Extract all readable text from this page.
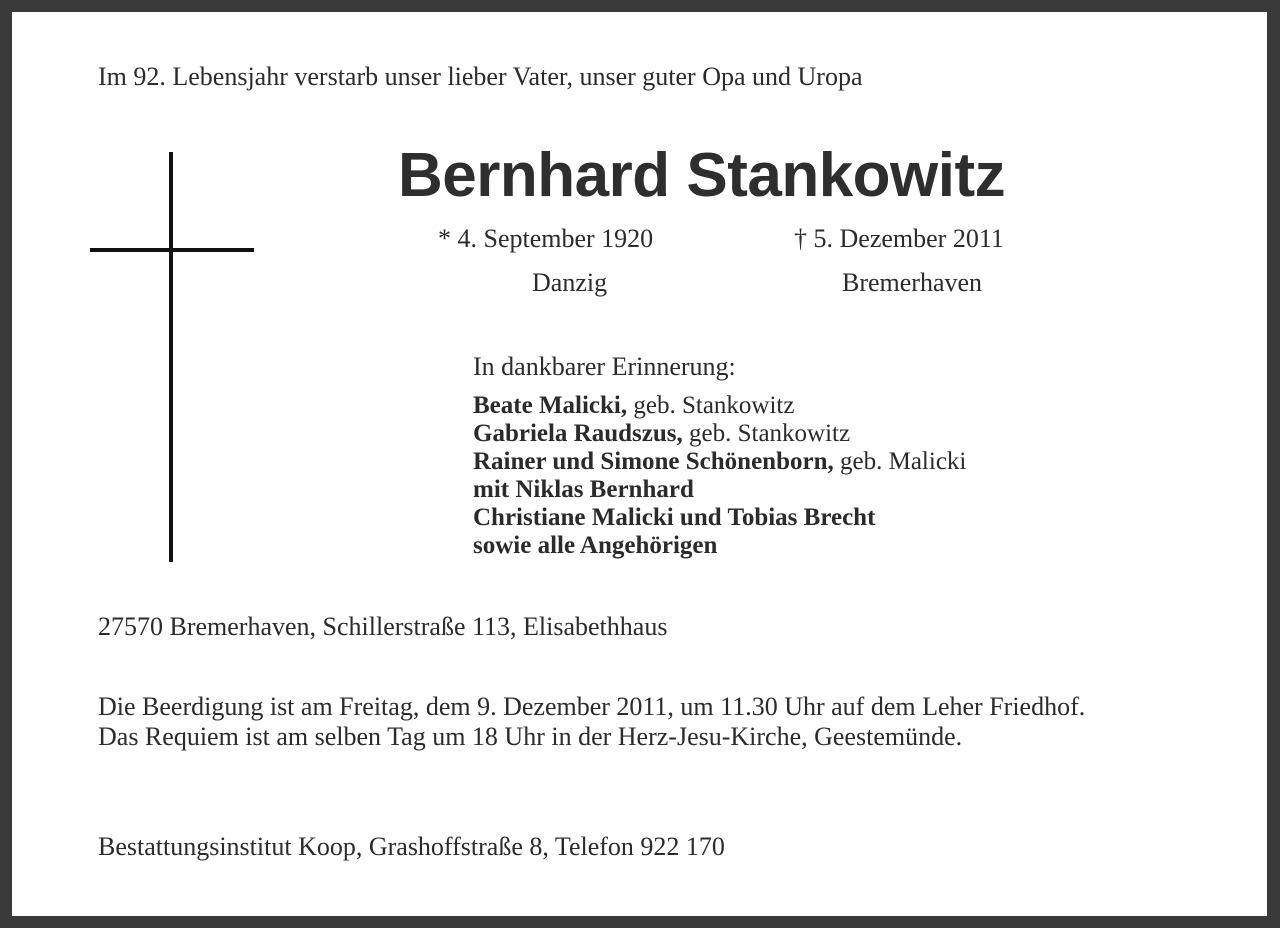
Im 92. Lebensjahr verstarb unser lieber Vater, unser guter Opa und Uropa
Bernhard Stankowitz
* 4. September 1920	† 5. Dezember 2011
Danzig	Bremerhaven
In dankbarer Erinnerung:
Beate Malicki, geb. Stankowitz
Gabriela Raudszus, geb. Stankowitz
Rainer und Simone Schönenborn, geb. Malicki
mit Niklas Bernhard
Christiane Malicki und Tobias Brecht
sowie alle Angehörigen
27570 Bremerhaven, Schillerstraße 113, Elisabethhaus
Die Beerdigung ist am Freitag, dem 9. Dezember 2011, um 11.30 Uhr auf dem Leher Friedhof.
Das Requiem ist am selben Tag um 18 Uhr in der Herz-Jesu-Kirche, Geestemünde.
Bestattungsinstitut Koop, Grashoffstraße 8, Telefon 922 170
